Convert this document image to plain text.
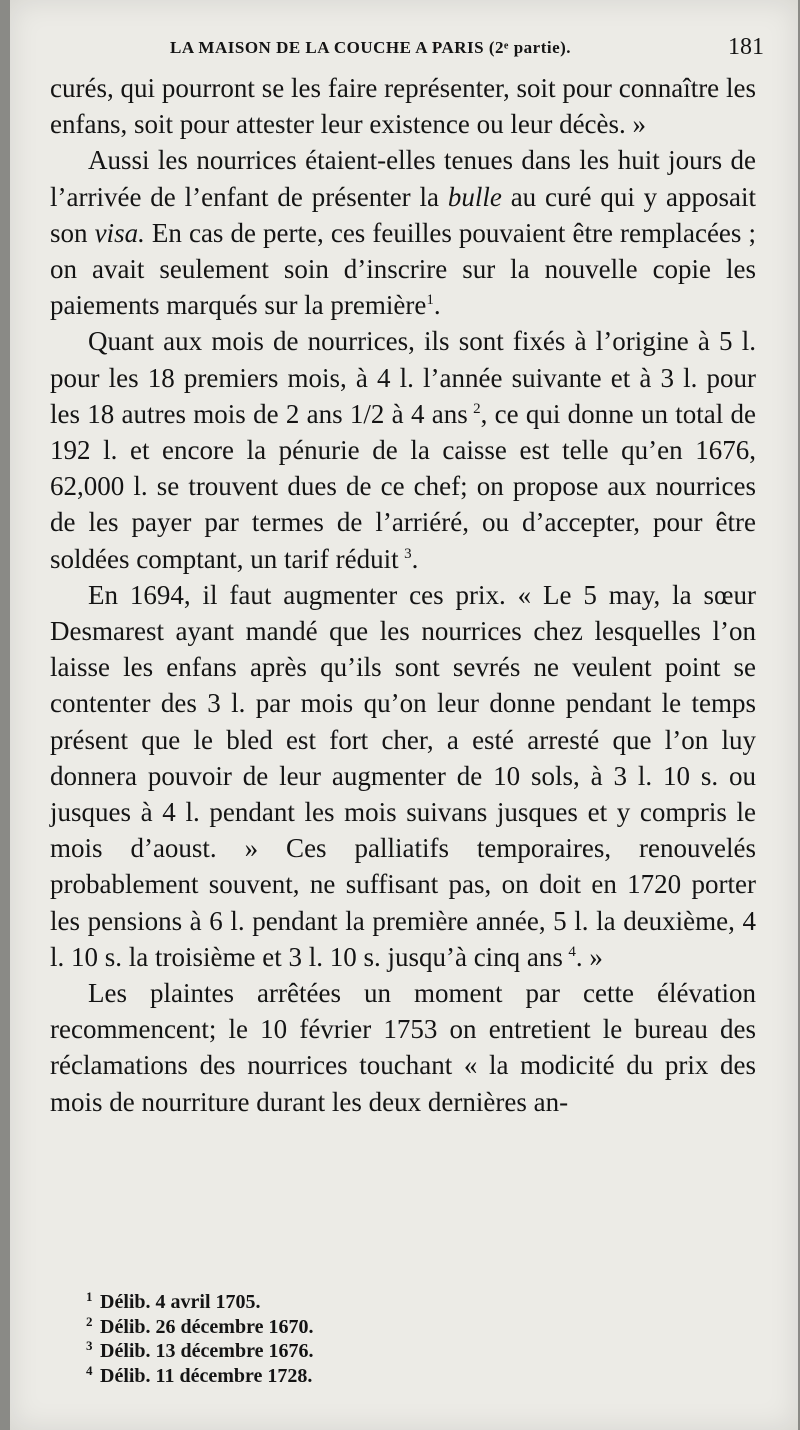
LA MAISON DE LA COUCHE A PARIS (2ᵉ partie).	181

curés, qui pourront se les faire représenter, soit pour connaître les enfans, soit pour attester leur existence ou leur décès. »

Aussi les nourrices étaient-elles tenues dans les huit jours de l’arrivée de l’enfant de présenter la bulle au curé qui y apposait son visa. En cas de perte, ces feuilles pouvaient être remplacées ; on avait seulement soin d’inscrire sur la nouvelle copie les paiements marqués sur la première$^1$.

Quant aux mois de nourrices, ils sont fixés à l’origine à 5 l. pour les 18 premiers mois, à 4 l. l’année suivante et à 3 l. pour les 18 autres mois de 2 ans 1/2 à 4 ans  $^2$, ce qui donne un total de 192 l. et encore la pénurie de la caisse est telle qu’en 1676, 62,000 l. se trouvent dues de ce chef; on propose aux nourrices de les payer par termes de l’arriéré, ou d’accepter, pour être soldées comptant, un tarif réduit  $^3$.

En 1694, il faut augmenter ces prix. « Le 5 may, la sœur Desmarest ayant mandé que les nourrices chez lesquelles l’on laisse les enfans après qu’ils sont sevrés ne veulent point se contenter des 3 l. par mois qu’on leur donne pendant le temps présent que le bled est fort cher, a esté arresté que l’on luy donnera pouvoir de leur augmenter de 10 sols, à 3 l. 10 s. ou jusques à 4 l. pendant les mois suivans jusques et y compris le mois d’aoust. » Ces palliatifs temporaires, renouvelés probablement souvent, ne suffisant pas, on doit en 1720 porter les pensions à 6 l. pendant la première année, 5 l. la deuxième, 4 l. 10 s. la troisième et 3 l. 10 s. jusqu’à cinq ans  $^4$. »

Les plaintes arrêtées un moment par cette élévation recommencent; le 10 février 1753 on entretient le bureau des réclamations des nourrices touchant « la modicité du prix des mois de nourriture durant les deux dernières an-

1 Délib. 4 avril 1705.
2 Délib. 26 décembre 1670.
3 Délib. 13 décembre 1676.
4 Délib. 11 décembre 1728.
